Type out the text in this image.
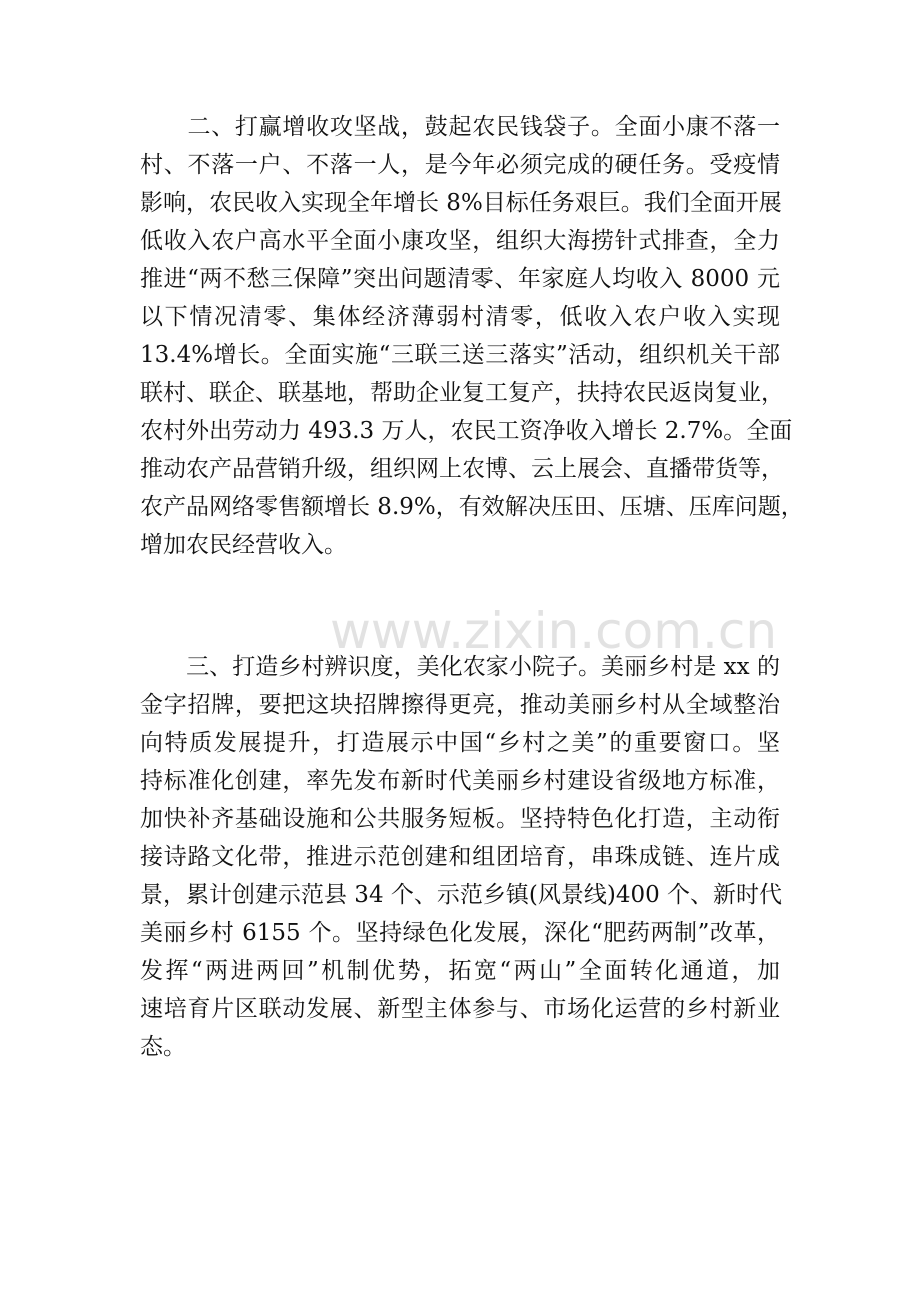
　　二、打赢增收攻坚战，鼓起农民钱袋子。全面小康不落一
村、不落一户、不落一人，是今年必须完成的硬任务。受疫情
影响，农民收入实现全年增长 8%目标任务艰巨。我们全面开展
低收入农户高水平全面小康攻坚，组织大海捞针式排查，全力
推进“两不愁三保障”突出问题清零、年家庭人均收入 8000 元
以下情况清零、集体经济薄弱村清零，低收入农户收入实现
13.4%增长。全面实施“三联三送三落实”活动，组织机关干部
联村、联企、联基地，帮助企业复工复产，扶持农民返岗复业，
农村外出劳动力 493.3 万人，农民工资净收入增长 2.7%。全面
推动农产品营销升级，组织网上农博、云上展会、直播带货等，
农产品网络零售额增长 8.9%，有效解决压田、压塘、压库问题，
增加农民经营收入。
　　三、打造乡村辨识度，美化农家小院子。美丽乡村是 xx 的
金字招牌，要把这块招牌擦得更亮，推动美丽乡村从全域整治
向特质发展提升，打造展示中国“乡村之美”的重要窗口。坚
持标准化创建，率先发布新时代美丽乡村建设省级地方标准，
加快补齐基础设施和公共服务短板。坚持特色化打造，主动衔
接诗路文化带，推进示范创建和组团培育，串珠成链、连片成
景，累计创建示范县 34 个、示范乡镇(风景线)400 个、新时代
美丽乡村 6155 个。坚持绿色化发展，深化“肥药两制”改革，
发挥“两进两回”机制优势，拓宽“两山”全面转化通道，加
速培育片区联动发展、新型主体参与、市场化运营的乡村新业
态。
www.zixin.com.cn
